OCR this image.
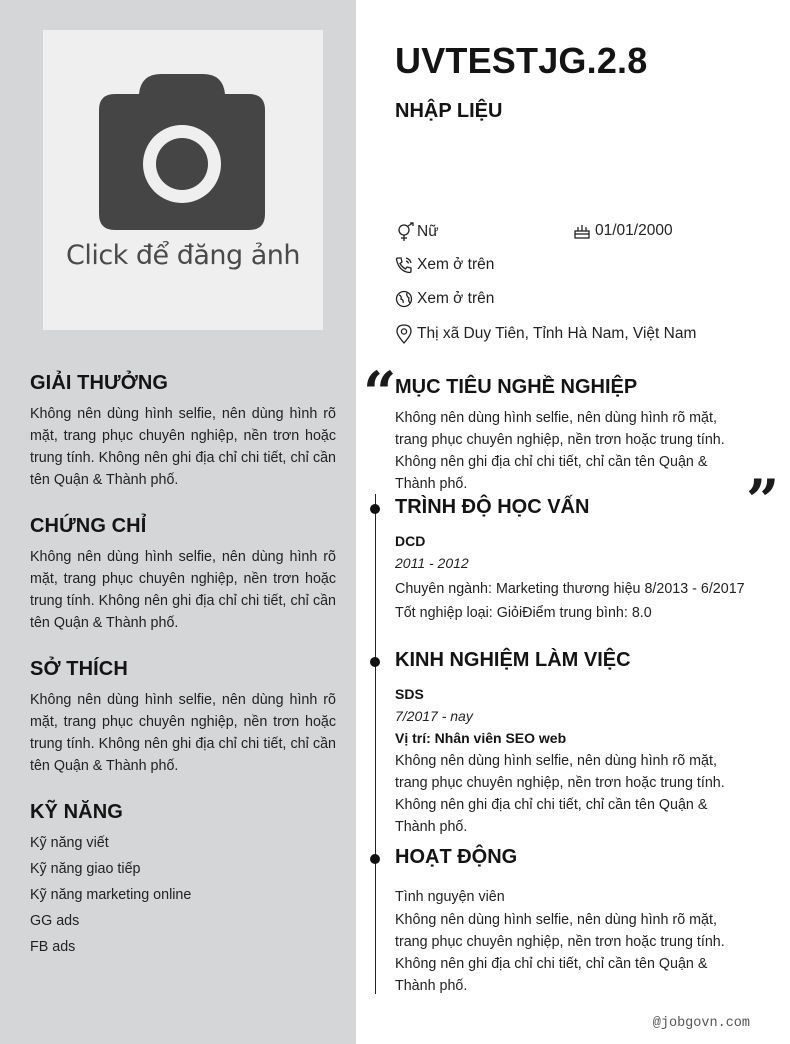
Click để đăng ảnh
GIẢI THƯỞNG

Không nên dùng hình selfie, nên dùng hình rõ mặt, trang phục chuyên nghiệp, nền trơn hoặc trung tính. Không nên ghi địa chỉ chi tiết, chỉ cần tên Quận & Thành phố.

CHỨNG CHỈ

Không nên dùng hình selfie, nên dùng hình rõ mặt, trang phục chuyên nghiệp, nền trơn hoặc trung tính. Không nên ghi địa chỉ chi tiết, chỉ cần tên Quận & Thành phố.

SỞ THÍCH

Không nên dùng hình selfie, nên dùng hình rõ mặt, trang phục chuyên nghiệp, nền trơn hoặc trung tính. Không nên ghi địa chỉ chi tiết, chỉ cần tên Quận & Thành phố.

KỸ NĂNG
Kỹ năng viết
Kỹ năng giao tiếp
Kỹ năng marketing online
GG ads
FB ads
UVTESTJG.2.8
NHẬP LIỆU
Nữ	01/01/2000
Xem ở trên
Xem ở trên
Thị xã Duy Tiên, Tỉnh Hà Nam, Việt Nam
“
”
MỤC TIÊU NGHỀ NGHIỆP

Không nên dùng hình selfie, nên dùng hình rõ mặt, trang phục chuyên nghiệp, nền trơn hoặc trung tính. Không nên ghi địa chỉ chi tiết, chỉ cần tên Quận & Thành phố.

TRÌNH ĐỘ HỌC VẤN
DCD
2011 - 2012
Chuyên ngành: Marketing thương hiệu 8/2013 - 6/2017
Tốt nghiệp loại: GiỏiĐiểm trung bình: 8.0
KINH NGHIỆM LÀM VIỆC
SDS
7/2017 - nay
Vị trí: Nhân viên SEO web

Không nên dùng hình selfie, nên dùng hình rõ mặt, trang phục chuyên nghiệp, nền trơn hoặc trung tính. Không nên ghi địa chỉ chi tiết, chỉ cần tên Quận & Thành phố.

HOẠT ĐỘNG
Tình nguyện viên

Không nên dùng hình selfie, nên dùng hình rõ mặt, trang phục chuyên nghiệp, nền trơn hoặc trung tính. Không nên ghi địa chỉ chi tiết, chỉ cần tên Quận & Thành phố.

@jobgovn.com
